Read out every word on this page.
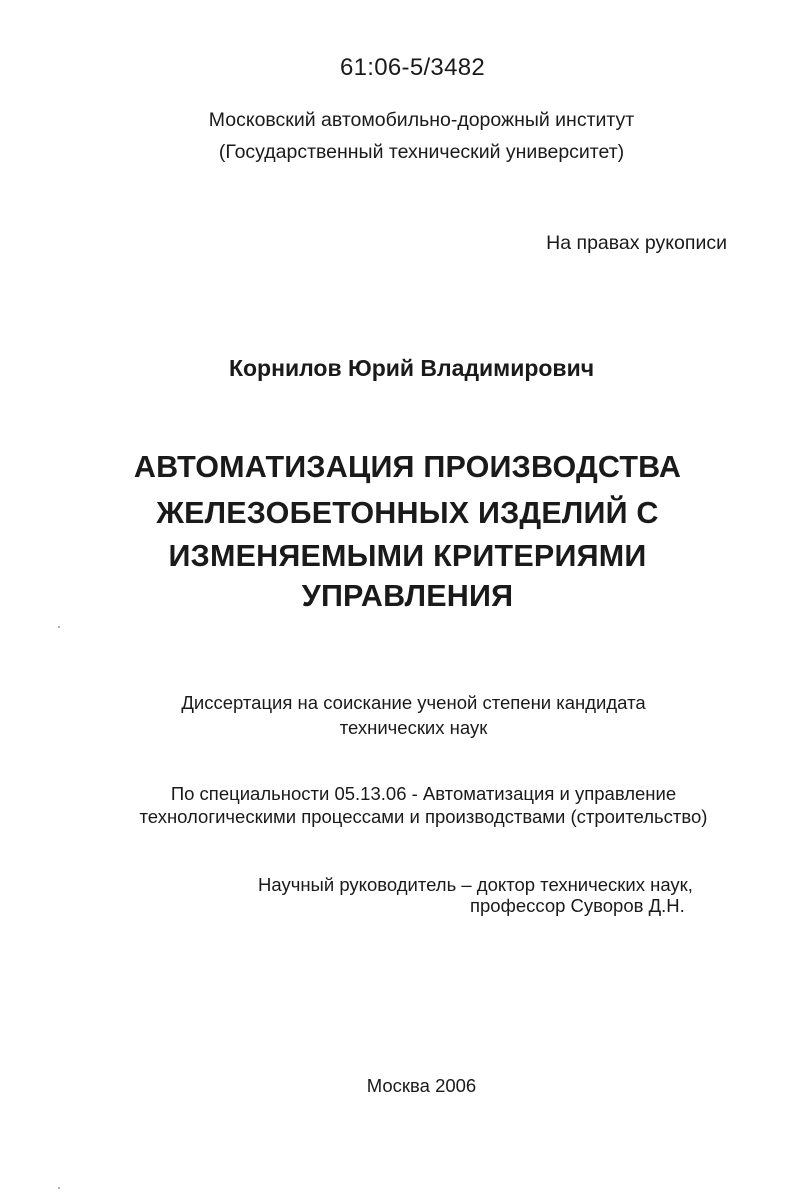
61:06-5/3482

Московский автомобильно-дорожный институт

(Государственный технический университет)

На правах рукописи

Корнилов Юрий Владимирович

АВТОМАТИЗАЦИЯ ПРОИЗВОДСТВА

ЖЕЛЕЗОБЕТОННЫХ ИЗДЕЛИЙ С

ИЗМЕНЯЕМЫМИ КРИТЕРИЯМИ

УПРАВЛЕНИЯ

Диссертация на соискание ученой степени кандидата

технических наук

По специальности 05.13.06 - Автоматизация и управление

технологическими процессами и производствами (строительство)

Научный руководитель – доктор технических наук,

профессор Суворов Д.Н.

Москва 2006
